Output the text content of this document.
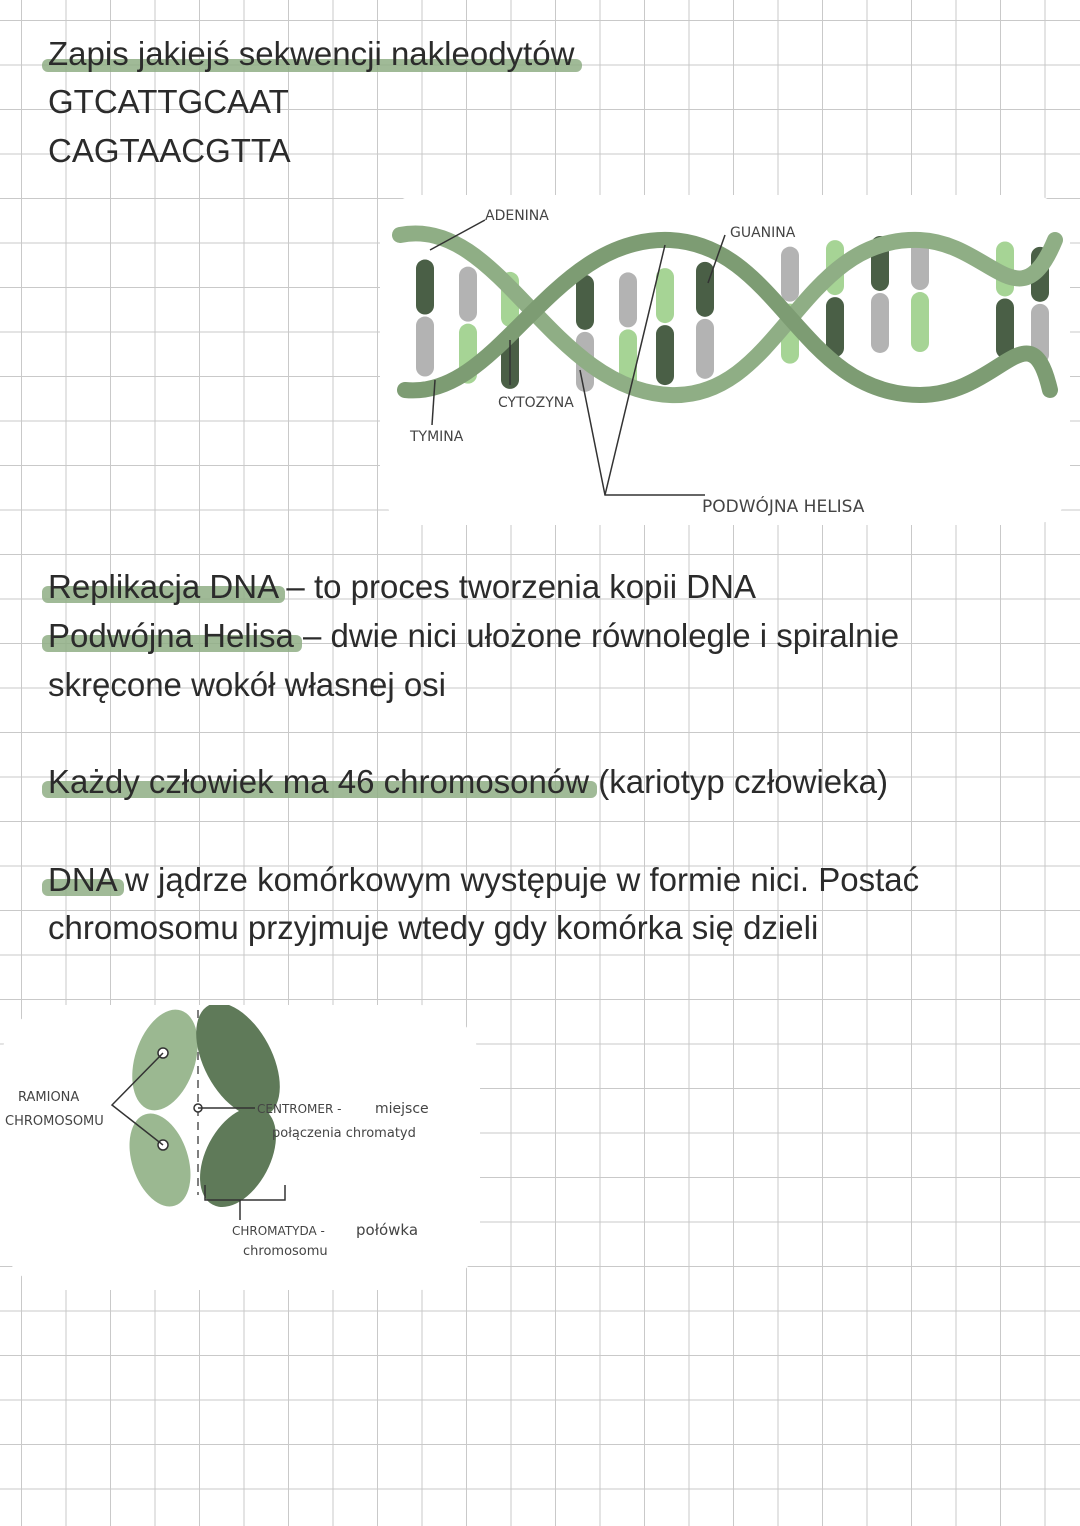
Zapis jakiejś sekwencji nakleodytów
GTCATTGCAAT
CAGTAACGTTA
ADENINA
GUANINA
CYTOZYNA
TYMINA
PODWÓJNA HELISA
Replikacja DNA – to proces tworzenia kopii DNA
Podwójna Helisa – dwie nici ułożone równolegle i spiralnie
skręcone wokół własnej osi
Każdy człowiek ma 46 chromosonów (kariotyp człowieka)
DNA w jądrze komórkowym występuje w formie nici. Postać
chromosomu przyjmuje wtedy gdy komórka się dzieli
RAMIONA
CHROMOSOMU
CENTROMER - miejsce
połączenia chromatyd
CHROMATYDA - połówka
chromosomu
